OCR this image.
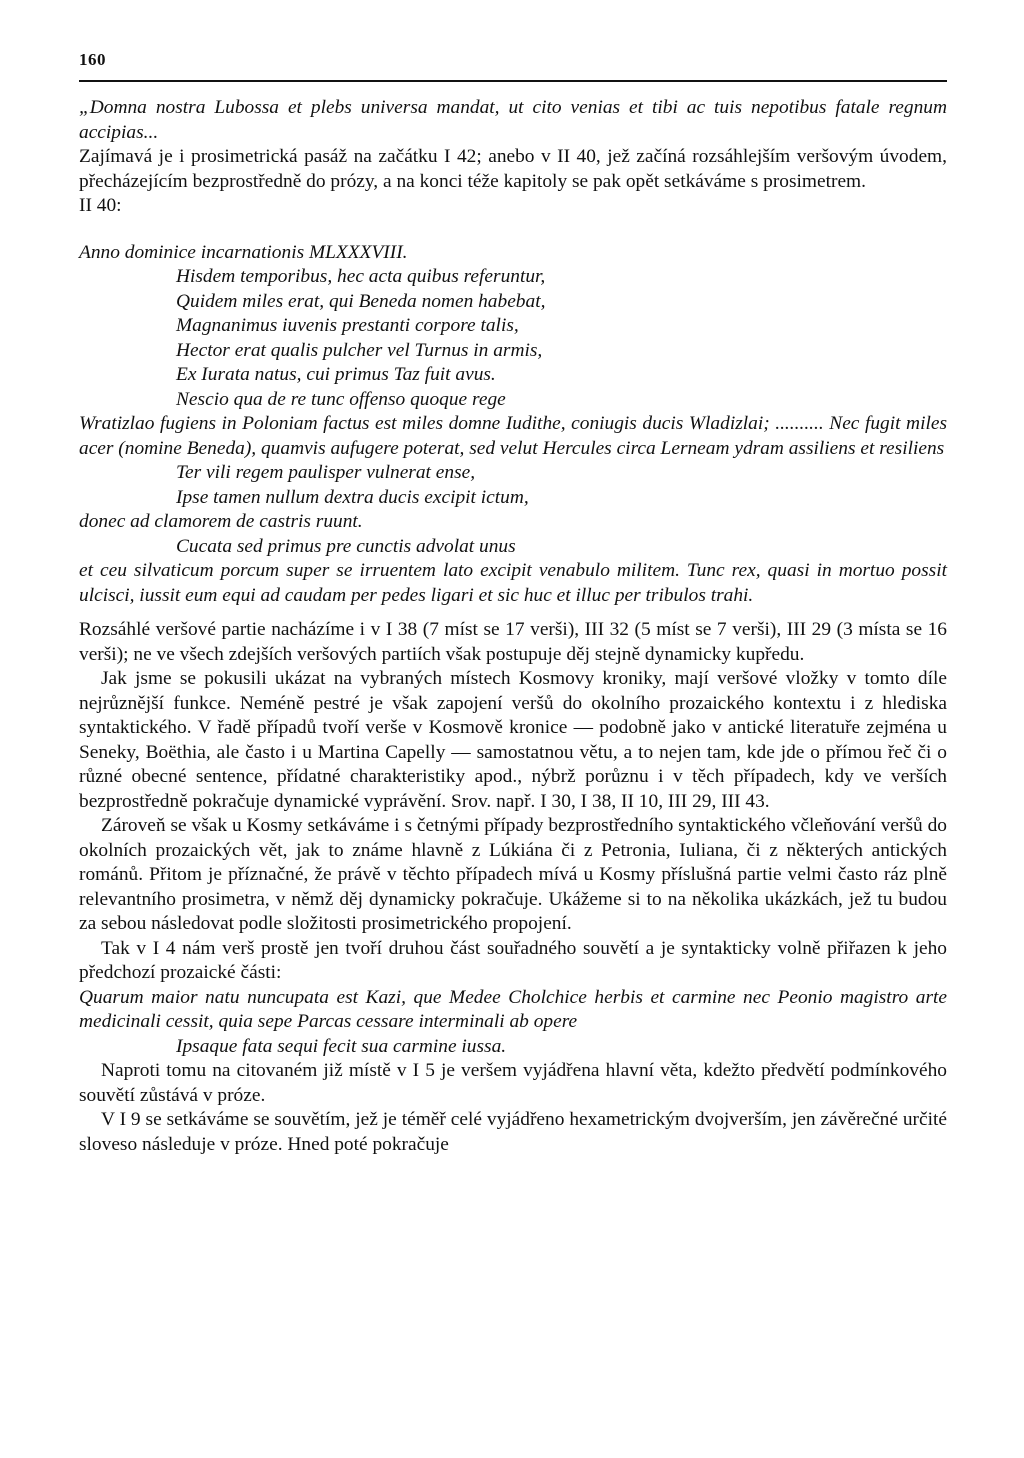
160

„Domna nostra Lubossa et plebs universa mandat, ut cito venias et tibi ac tuis nepotibus fatale regnum accipias...

Zajímavá je i prosimetrická pasáž na začátku I 42; anebo v II 40, jež začíná rozsáhlejším veršovým úvodem, přecházejícím bezprostředně do prózy, a na konci téže kapitoly se pak opět setkáváme s prosimetrem.

II 40:

Anno dominice incarnationis MLXXXVIII.

Hisdem temporibus, hec acta quibus referuntur,

Quidem miles erat, qui Beneda nomen habebat,

Magnanimus iuvenis prestanti corpore talis,

Hector erat qualis pulcher vel Turnus in armis,

Ex Iurata natus, cui primus Taz fuit avus.

Nescio qua de re tunc offenso quoque rege

Wratizlao fugiens in Poloniam factus est miles domne Iudithe, coniugis ducis Wladizlai; .......... Nec fugit miles acer (nomine Beneda), quamvis aufugere poterat, sed velut Hercules circa Lerneam ydram assiliens et resiliens

Ter vili regem paulisper vulnerat ense,

Ipse tamen nullum dextra ducis excipit ictum,

donec ad clamorem de castris ruunt.

Cucata sed primus pre cunctis advolat unus

et ceu silvaticum porcum super se irruentem lato excipit venabulo militem. Tunc rex, quasi in mortuo possit ulcisci, iussit eum equi ad caudam per pedes ligari et sic huc et illuc per tribulos trahi.

Rozsáhlé veršové partie nacházíme i v I 38 (7 míst se 17 verši), III 32 (5 míst se 7 verši), III 29 (3 místa se 16 verši); ne ve všech zdejších veršových partiích však postupuje děj stejně dynamicky kupředu.

Jak jsme se pokusili ukázat na vybraných místech Kosmovy kroniky, mají veršové vložky v tomto díle nejrůznější funkce. Neméně pestré je však zapojení veršů do okolního prozaického kontextu i z hlediska syntaktického. V řadě případů tvoří verše v Kosmově kronice — podobně jako v antické literatuře zejména u Seneky, Boëthia, ale často i u Martina Capelly — samostatnou větu, a to nejen tam, kde jde o přímou řeč či o různé obecné sentence, přídatné charakteristiky apod., nýbrž porůznu i v těch případech, kdy ve verších bezprostředně pokračuje dynamické vyprávění. Srov. např. I 30, I 38, II 10, III 29, III 43.

Zároveň se však u Kosmy setkáváme i s četnými případy bezprostředního syntaktického včleňování veršů do okolních prozaických vět, jak to známe hlavně z Lúkiána či z Petronia, Iuliana, či z některých antických románů. Přitom je příznačné, že právě v těchto případech mívá u Kosmy příslušná partie velmi často ráz plně relevantního prosimetra, v němž děj dynamicky pokračuje. Ukážeme si to na několika ukázkách, jež tu budou za sebou následovat podle složitosti prosimetrického propojení.

Tak v I 4 nám verš prostě jen tvoří druhou část souřadného souvětí a je syntakticky volně přiřazen k jeho předchozí prozaické části:

Quarum maior natu nuncupata est Kazi, que Medee Cholchice herbis et carmine nec Peonio magistro arte medicinali cessit, quia sepe Parcas cessare interminali ab opere

Ipsaque fata sequi fecit sua carmine iussa.

Naproti tomu na citovaném již místě v I 5 je veršem vyjádřena hlavní věta, kdežto předvětí podmínkového souvětí zůstává v próze.

V I 9 se setkáváme se souvětím, jež je téměř celé vyjádřeno hexametrickým dvojverším, jen závěrečné určité sloveso následuje v próze. Hned poté pokračuje
